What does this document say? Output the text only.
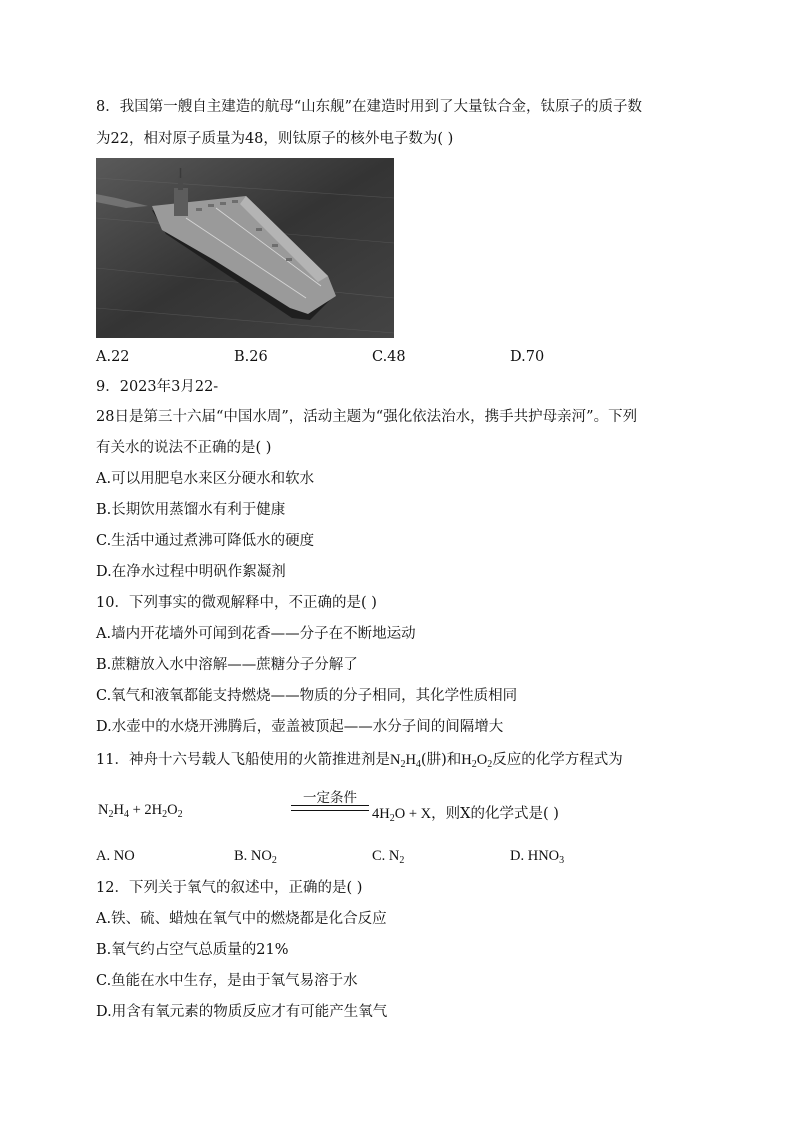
8．我国第一艘自主建造的航母“山东舰”在建造时用到了大量钛合金，钛原子的质子数
为22，相对原子质量为48，则钛原子的核外电子数为( )
A.22	B.26	C.48	D.70
9．2023年3月22-
28日是第三十六届“中国水周”，活动主题为“强化依法治水，携手共护母亲河”。下列
有关水的说法不正确的是( )
A.可以用肥皂水来区分硬水和软水
B.长期饮用蒸馏水有利于健康
C.生活中通过煮沸可降低水的硬度
D.在净水过程中明矾作絮凝剂
10．下列事实的微观解释中，不正确的是( )
A.墙内开花墙外可闻到花香——分子在不断地运动
B.蔗糖放入水中溶解——蔗糖分子分解了
C.氧气和液氧都能支持燃烧——物质的分子相同，其化学性质相同
D.水壶中的水烧开沸腾后，壶盖被顶起——水分子间的间隔增大
11．神舟十六号载人飞船使用的火箭推进剂是$N_2H_4$(肼)和$H_2O_2$反应的化学方程式为
$N_2H_4 + 2H_2O_2$
一定条件
$4H_2O + X$，则X的化学式是( )
A. NO	B. $NO_2$	C. $N_2$	D. $HNO_3$
12．下列关于氧气的叙述中，正确的是( )
A.铁、硫、蜡烛在氧气中的燃烧都是化合反应
B.氧气约占空气总质量的21%
C.鱼能在水中生存，是由于氧气易溶于水
D.用含有氧元素的物质反应才有可能产生氧气
